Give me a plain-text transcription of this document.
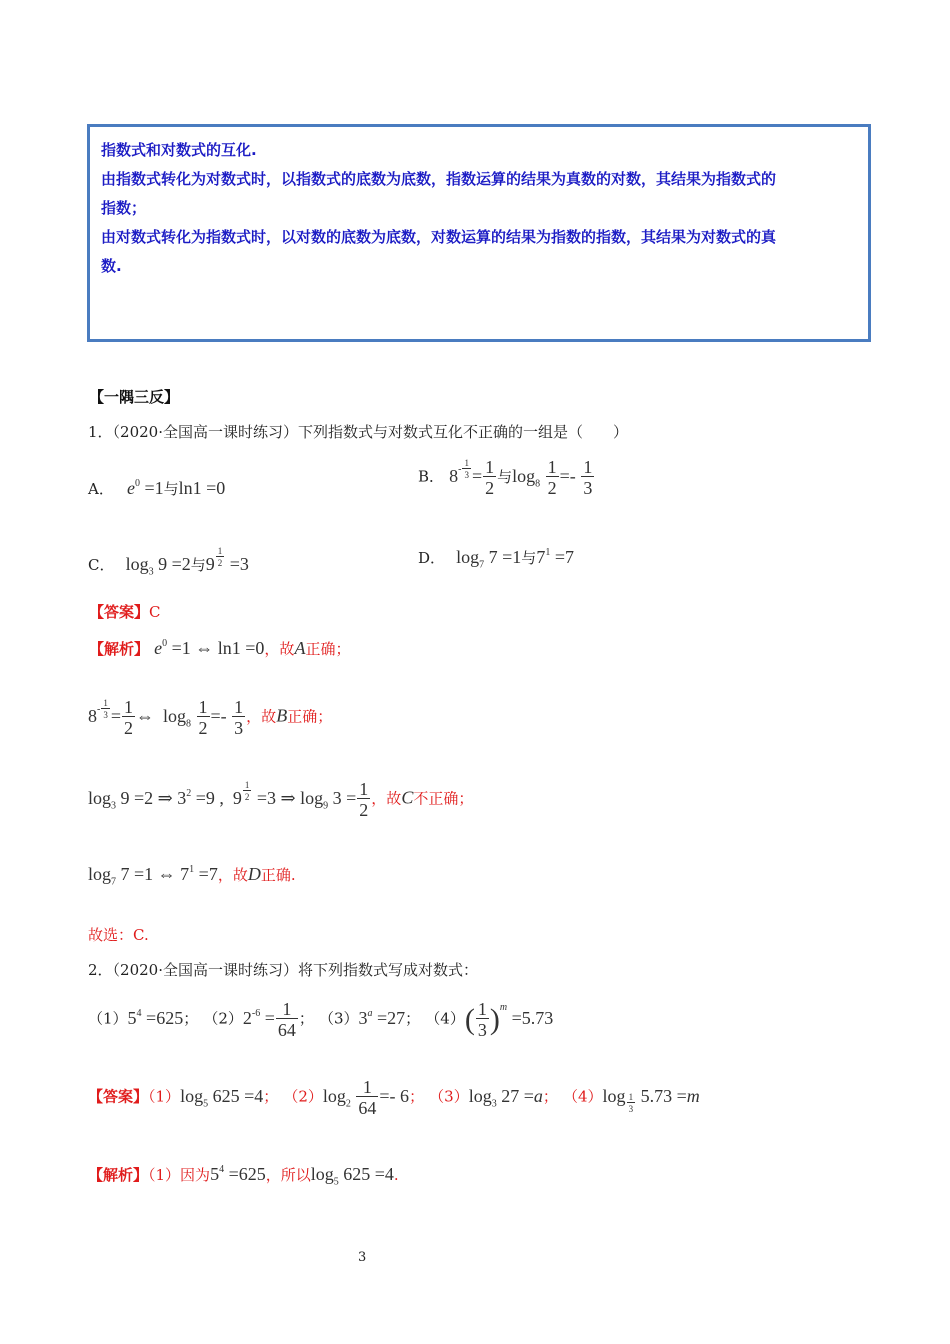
指数式和对数式的互化.
由指数式转化为对数式时，以指数式的底数为底数，指数运算的结果为真数的对数，其结果为指数式的
指数；
由对数式转化为指数式时，以对数的底数为底数，对数运算的结果为指数的指数，其结果为对数式的真
数.
【一隅三反】
1．（2020·全国高一课时练习）下列指数式与对数式互化不正确的一组是（　　）
A． $e^0 =1$与ln1 =0
B． $8^{- \frac{1}{3}} = \frac{1}{2}$ 与$\log_8 \frac{1}{2} =- \frac{1}{3}$
C． $\log_3 9 =2$与9 $^{\frac{1}{2}}$ =3	D． $\log_7 7 =1$与$7^1 =7$
【答案】C
【解析】 $e^0 =1$ ⇔ ln1 =0，故A正确；
$8^{- \frac{1}{3}} = \frac{1}{2}$ ⇔  $\log_8 \frac{1}{2} =- \frac{1}{3}$ ，故B正确；
$\log_3 9 =2$ ⇒ $3^2 =9$ ,  9 $^{\frac{1}{2}}$ =3 ⇒ $\log_9 3 = \frac{1}{2}$ ，故C不正确；
$\log_7 7 =1$ ⇔ $7^1 =7$，故D正确.
故选：C.
2．（2020·全国高一课时练习）将下列指数式写成对数式：
$(1)5^4 =625$； $(2)2^{-6} = \frac{1}{64}$ ； $(3)3^a =27$； $(4)( \frac{1}{3} )^m =5.73$
【答案】$(1)\log_5$ 625 =4； $(2)\log_2 \frac{1}{64} =- 6$； $(3)\log_3$ 27 =a； （4）log $_{\frac{1}{3}}$ 5.73 =m
【解析】（1）因为$5^4 =625$，所以$\log_5 625 =4$.
3
